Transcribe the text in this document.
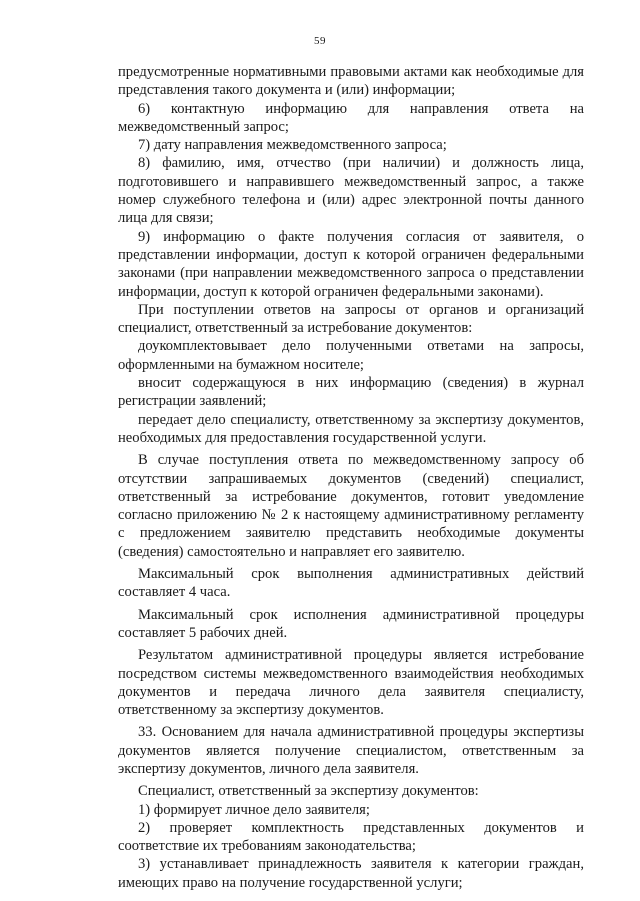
59

предусмотренные нормативными правовыми актами как необходимые для представления такого документа и (или) информации;

6) контактную информацию для направления ответа на межведомственный запрос;

7) дату направления межведомственного запроса;

8) фамилию, имя, отчество (при наличии) и должность лица, подготовившего и направившего межведомственный запрос, а также номер служебного телефона и (или) адрес электронной почты данного лица для связи;

9) информацию о факте получения согласия от заявителя, о представлении информации, доступ к которой ограничен федеральными законами (при направлении межведомственного запроса о представлении информации, доступ к которой ограничен федеральными законами).

При поступлении ответов на запросы от органов и организаций специалист, ответственный за истребование документов:

доукомплектовывает дело полученными ответами на запросы, оформленными на бумажном носителе;

вносит содержащуюся в них информацию (сведения) в журнал регистрации заявлений;

передает дело специалисту, ответственному за экспертизу документов, необходимых для предоставления государственной услуги.

В случае поступления ответа по межведомственному запросу об отсутствии запрашиваемых документов (сведений) специалист, ответственный за истребование документов, готовит уведомление согласно приложению № 2 к настоящему административному регламенту с предложением заявителю представить необходимые документы (сведения) самостоятельно и направляет его заявителю.

Максимальный срок выполнения административных действий составляет 4 часа.

Максимальный срок исполнения административной процедуры составляет 5 рабочих дней.

Результатом административной процедуры является истребование посредством системы межведомственного взаимодействия необходимых документов и передача личного дела заявителя специалисту, ответственному за экспертизу документов.

33. Основанием для начала административной процедуры экспертизы документов является получение специалистом, ответственным за экспертизу документов, личного дела заявителя.

Специалист, ответственный за экспертизу документов:

1) формирует личное дело заявителя;

2) проверяет комплектность представленных документов и соответствие их требованиям законодательства;

3) устанавливает принадлежность заявителя к категории граждан, имеющих право на получение государственной услуги;
